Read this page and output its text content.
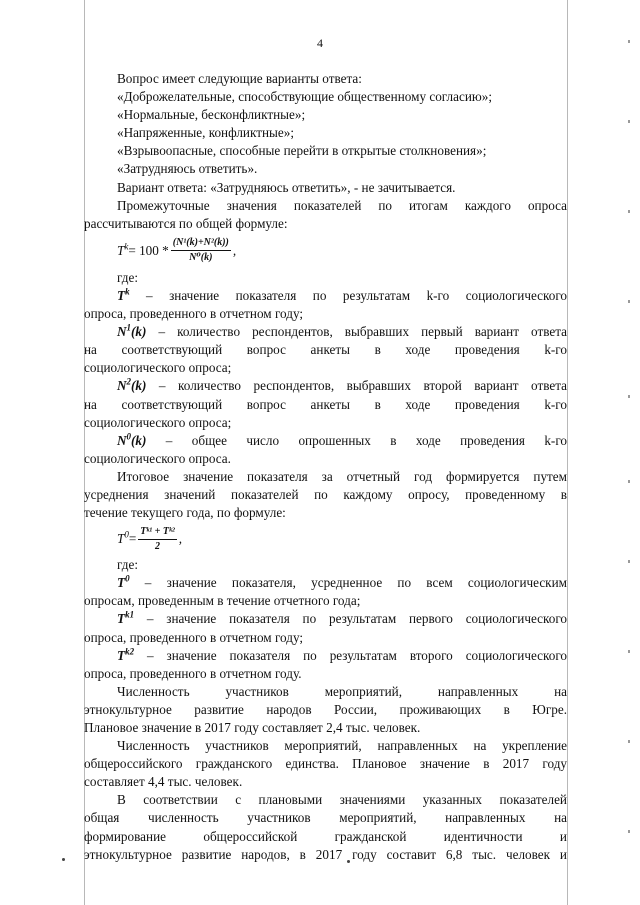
4

Вопрос имеет следующие варианты ответа:

«Доброжелательные, способствующие общественному согласию»;

«Нормальные, бесконфликтные»;

«Напряженные, конфликтные»;

«Взрывоопасные, способные перейти в открытые столкновения»;

«Затрудняюсь ответить».

Вариант ответа: «Затрудняюсь ответить», - не зачитывается.

Промежуточные значения показателей по итогам каждого опроса

рассчитываются по общей формуле:

$T^k = 100 * \frac{\text{(N¹(k)+N²(k))}}{\text{N⁰(k)}}$ ,

где:

$T^k$ – значение показателя по результатам k-го социологического

опроса, проведенного в отчетном году;

$N^1(k)$ – количество респондентов, выбравших первый вариант ответа

на соответствующий вопрос анкеты в ходе проведения k-го

социологического опроса;

$N^2(k)$ – количество респондентов, выбравших второй вариант ответа

на соответствующий вопрос анкеты в ходе проведения k-го

социологического опроса;

$N^0(k)$ – общее число опрошенных в ходе проведения k-го

социологического опроса.

Итоговое значение показателя за отчетный год формируется путем

усреднения значений показателей по каждому опросу, проведенному в

течение текущего года, по формуле:

$T^0 = \frac{\text{Tᵏ¹ + Tᵏ²}}{2}$ ,

где:

$T^0$ – значение показателя, усредненное по всем социологическим

опросам, проведенным в течение отчетного года;

$T^{k1}$ – значение показателя по результатам первого социологического

опроса, проведенного в отчетном году;

$T^{k2}$ – значение показателя по результатам второго социологического

опроса, проведенного в отчетном году.

Численность участников мероприятий, направленных на

этнокультурное развитие народов России, проживающих в Югре.

Плановое значение в 2017 году составляет 2,4 тыс. человек.

Численность участников мероприятий, направленных на укрепление

общероссийского гражданского единства. Плановое значение в 2017 году

составляет 4,4 тыс. человек.

В соответствии с плановыми значениями указанных показателей

общая численность участников мероприятий, направленных на

формирование общероссийской гражданской идентичности и

этнокультурное развитие народов, в 2017 году составит 6,8 тыс. человек и
